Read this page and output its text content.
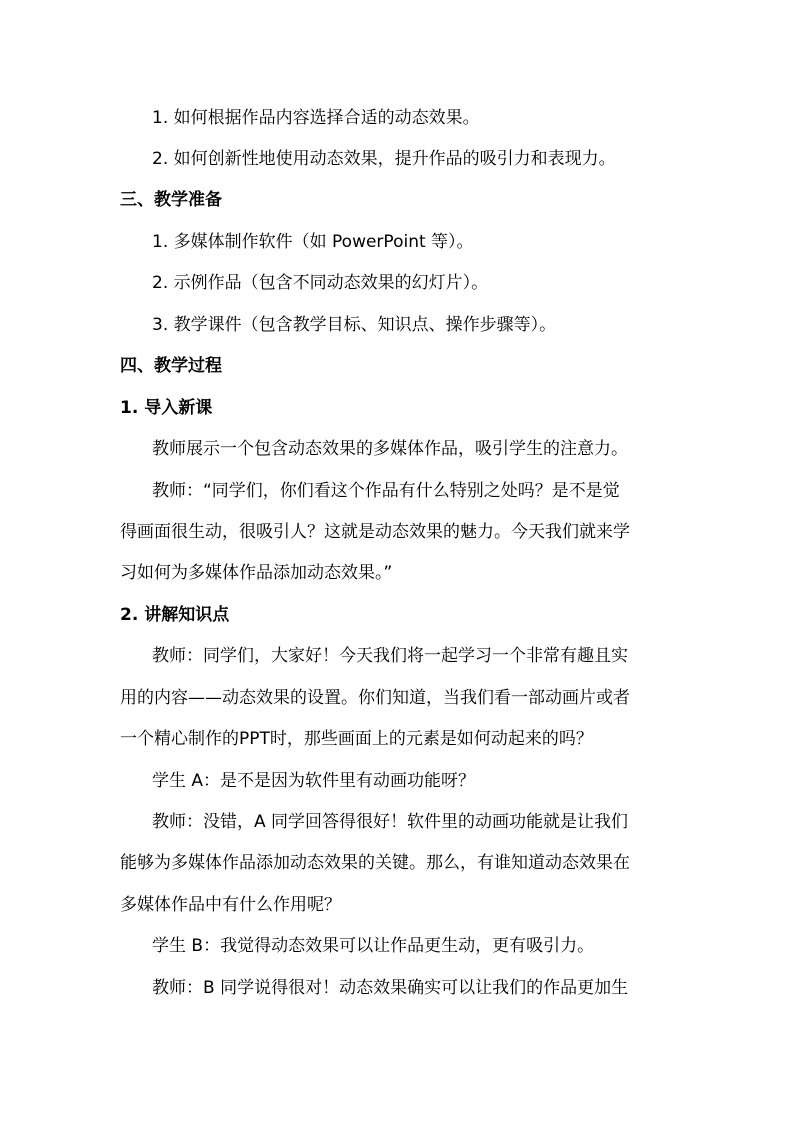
1. 如何根据作品内容选择合适的动态效果。
2. 如何创新性地使用动态效果，提升作品的吸引力和表现力。
三、教学准备
1. 多媒体制作软件（如 PowerPoint 等）。
2. 示例作品（包含不同动态效果的幻灯片）。
3. 教学课件（包含教学目标、知识点、操作步骤等）。
四、教学过程
1. 导入新课
教师展示一个包含动态效果的多媒体作品，吸引学生的注意力。
教师：“同学们，你们看这个作品有什么特别之处吗？是不是觉
得画面很生动，很吸引人？这就是动态效果的魅力。今天我们就来学
习如何为多媒体作品添加动态效果。”
2. 讲解知识点
教师：同学们，大家好！今天我们将一起学习一个非常有趣且实
用的内容——动态效果的设置。你们知道，当我们看一部动画片或者
一个精心制作的PPT时，那些画面上的元素是如何动起来的吗？
学生 A：是不是因为软件里有动画功能呀？
教师：没错，A 同学回答得很好！软件里的动画功能就是让我们
能够为多媒体作品添加动态效果的关键。那么，有谁知道动态效果在
多媒体作品中有什么作用呢？
学生 B：我觉得动态效果可以让作品更生动，更有吸引力。
教师：B 同学说得很对！动态效果确实可以让我们的作品更加生
